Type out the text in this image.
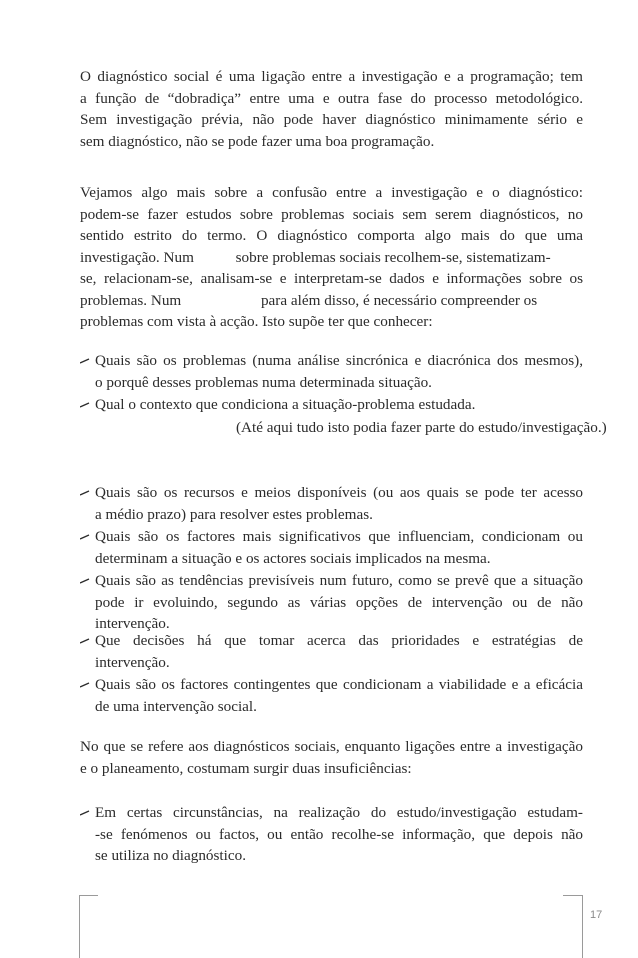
O diagnóstico social é uma ligação entre a investigação e a programação; tem
a função de “dobradiça” entre uma e outra fase do processo metodológico.
Sem investigação prévia, não pode haver diagnóstico minimamente sério e
sem diagnóstico, não se pode fazer uma boa programação.

Vejamos algo mais sobre a confusão entre a investigação e o diagnóstico:
podem-se fazer estudos sobre problemas sociais sem serem diagnósticos, no
sentido estrito do termo. O diagnóstico comporta algo mais do que uma
investigação. Num           sobre problemas sociais recolhem-se, sistematizam-
se, relacionam-se, analisam-se e interpretam-se dados e informações sobre os
problemas. Num                     para além disso, é necessário compreender os
problemas com vista à acção. Isto supõe ter que conhecer:

Quais são os problemas (numa análise sincrónica e diacrónica dos mesmos),
o porquê desses problemas numa determinada situação.
Qual o contexto que condiciona a situação-problema estudada.
(Até aqui tudo isto podia fazer parte do estudo/investigação.)
Quais são os recursos e meios disponíveis (ou aos quais se pode ter acesso
a médio prazo) para resolver estes problemas.
Quais são os factores mais significativos que influenciam, condicionam ou
determinam a situação e os actores sociais implicados na mesma.
Quais são as tendências previsíveis num futuro, como se prevê que a situação
pode ir evoluindo, segundo as várias opções de intervenção ou de não
intervenção.
Que decisões há que tomar acerca das prioridades e estratégias de
intervenção.
Quais são os factores contingentes que condicionam a viabilidade e a eficácia
de uma intervenção social.

No que se refere aos diagnósticos sociais, enquanto ligações entre a investigação
e o planeamento, costumam surgir duas insuficiências:

Em certas circunstâncias, na realização do estudo/investigação estudam-
-se fenómenos ou factos, ou então recolhe-se informação, que depois não
se utiliza no diagnóstico.
17
